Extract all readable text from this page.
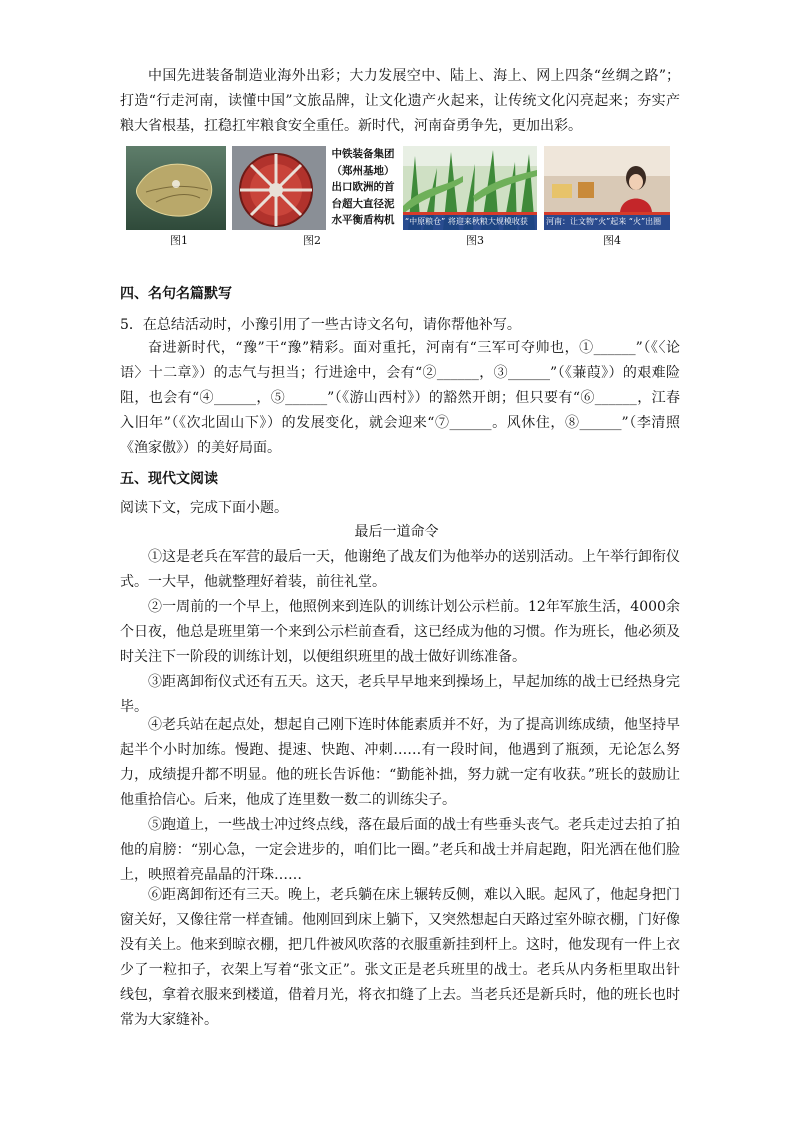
中国先进装备制造业海外出彩；大力发展空中、陆上、海上、网上四条“丝绸之路”；打造“行走河南，读懂中国”文旅品牌，让文化遗产火起来，让传统文化闪亮起来；夯实产粮大省根基，扛稳扛牢粮食安全重任。新时代，河南奋勇争先，更加出彩。
图1
中铁装备集团（郑州基地）出口欧洲的首台超大直径泥水平衡盾构机
图2
“中原粮仓” 将迎来秋粮大规模收获
图3
河南：让文物“火”起来 “火”出圈
图4
四、名句名篇默写
5．在总结活动时，小豫引用了一些古诗文名句，请你帮他补写。
奋进新时代，“豫”干“豫”精彩。面对重托，河南有“三军可夺帅也，①______”（《〈论语〉十二章》）的志气与担当；行进途中，会有“②______，③______”（《蒹葭》）的艰难险阻，也会有“④______，⑤______”（《游山西村》）的豁然开朗；但只要有“⑥______，江春入旧年”（《次北固山下》）的发展变化，就会迎来“⑦______。风休住，⑧______”（李清照《渔家傲》）的美好局面。
五、现代文阅读
阅读下文，完成下面小题。
最后一道命令
①这是老兵在军营的最后一天，他谢绝了战友们为他举办的送别活动。上午举行卸衔仪式。一大早，他就整理好着装，前往礼堂。
②一周前的一个早上，他照例来到连队的训练计划公示栏前。12年军旅生活，4000余个日夜，他总是班里第一个来到公示栏前查看，这已经成为他的习惯。作为班长，他必须及时关注下一阶段的训练计划，以便组织班里的战士做好训练准备。
③距离卸衔仪式还有五天。这天，老兵早早地来到操场上，早起加练的战士已经热身完毕。
④老兵站在起点处，想起自己刚下连时体能素质并不好，为了提高训练成绩，他坚持早起半个小时加练。慢跑、提速、快跑、冲刺……有一段时间，他遇到了瓶颈，无论怎么努力，成绩提升都不明显。他的班长告诉他：“勤能补拙，努力就一定有收获。”班长的鼓励让他重拾信心。后来，他成了连里数一数二的训练尖子。
⑤跑道上，一些战士冲过终点线，落在最后面的战士有些垂头丧气。老兵走过去拍了拍他的肩膀：“别心急，一定会进步的，咱们比一圈。”老兵和战士并肩起跑，阳光洒在他们脸上，映照着亮晶晶的汗珠……
⑥距离卸衔还有三天。晚上，老兵躺在床上辗转反侧，难以入眠。起风了，他起身把门窗关好，又像往常一样查铺。他刚回到床上躺下，又突然想起白天路过室外晾衣棚，门好像没有关上。他来到晾衣棚，把几件被风吹落的衣服重新挂到杆上。这时，他发现有一件上衣少了一粒扣子，衣架上写着“张文正”。张文正是老兵班里的战士。老兵从内务柜里取出针线包，拿着衣服来到楼道，借着月光，将衣扣缝了上去。当老兵还是新兵时，他的班长也时常为大家缝补。
